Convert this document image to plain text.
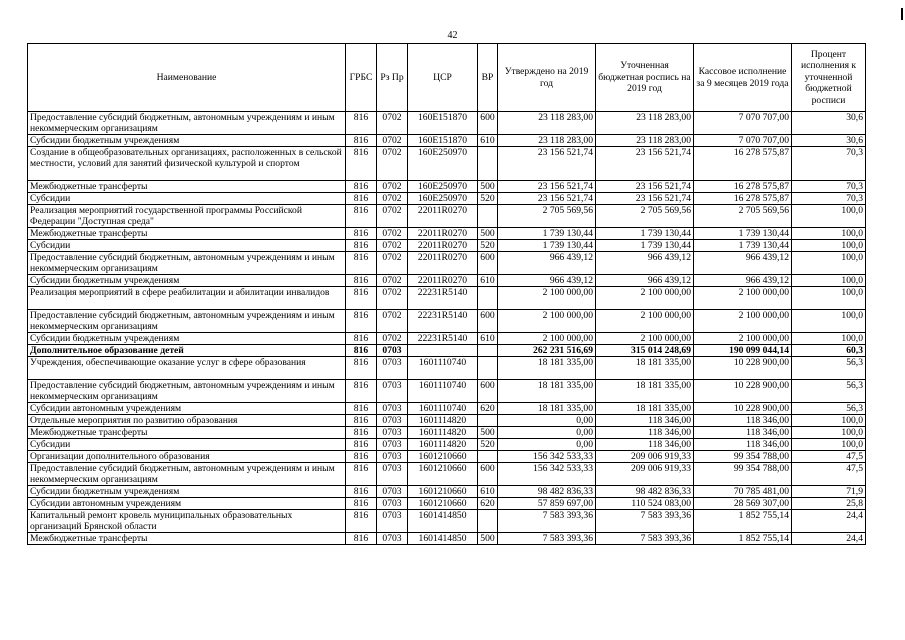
42
Наименование	ГРБС	Рз Пр	ЦСР	ВР	Утверждено на 2019 год	Уточненная бюджетная роспись на 2019 год	Кассовое исполнение за 9 месяцев 2019 года	Процент исполнения к уточненной бюджетной росписи
Предоставление субсидий бюджетным, автономным учреждениям и иным некоммерческим организациям	816	0702	160E151870	600	23 118 283,00	23 118 283,00	7 070 707,00	30,6
Субсидии бюджетным учреждениям	816	0702	160E151870	610	23 118 283,00	23 118 283,00	7 070 707,00	30,6
Создание в общеобразовательных организациях, расположенных в сельской местности, условий для занятий физической культурой и спортом	816	0702	160E250970		23 156 521,74	23 156 521,74	16 278 575,87	70,3
Межбюджетные трансферты	816	0702	160E250970	500	23 156 521,74	23 156 521,74	16 278 575,87	70,3
Субсидии	816	0702	160E250970	520	23 156 521,74	23 156 521,74	16 278 575,87	70,3
Реализация мероприятий государственной программы Российской Федерации "Доступная среда"	816	0702	22011R0270		2 705 569,56	2 705 569,56	2 705 569,56	100,0
Межбюджетные трансферты	816	0702	22011R0270	500	1 739 130,44	1 739 130,44	1 739 130,44	100,0
Субсидии	816	0702	22011R0270	520	1 739 130,44	1 739 130,44	1 739 130,44	100,0
Предоставление субсидий бюджетным, автономным учреждениям и иным некоммерческим организациям	816	0702	22011R0270	600	966 439,12	966 439,12	966 439,12	100,0
Субсидии бюджетным учреждениям	816	0702	22011R0270	610	966 439,12	966 439,12	966 439,12	100,0
Реализация мероприятий в сфере реабилитации и абилитации инвалидов	816	0702	22231R5140		2 100 000,00	2 100 000,00	2 100 000,00	100,0
Предоставление субсидий бюджетным, автономным учреждениям и иным некоммерческим организациям	816	0702	22231R5140	600	2 100 000,00	2 100 000,00	2 100 000,00	100,0
Субсидии бюджетным учреждениям	816	0702	22231R5140	610	2 100 000,00	2 100 000,00	2 100 000,00	100,0
Дополнительное образование детей	816	0703			262 231 516,69	315 014 248,69	190 099 044,14	60,3
Учреждения, обеспечивающие оказание услуг в сфере образования	816	0703	1601110740		18 181 335,00	18 181 335,00	10 228 900,00	56,3
Предоставление субсидий бюджетным, автономным учреждениям и иным некоммерческим организациям	816	0703	1601110740	600	18 181 335,00	18 181 335,00	10 228 900,00	56,3
Субсидии автономным учреждениям	816	0703	1601110740	620	18 181 335,00	18 181 335,00	10 228 900,00	56,3
Отдельные мероприятия по развитию образования	816	0703	1601114820		0,00	118 346,00	118 346,00	100,0
Межбюджетные трансферты	816	0703	1601114820	500	0,00	118 346,00	118 346,00	100,0
Субсидии	816	0703	1601114820	520	0,00	118 346,00	118 346,00	100,0
Организации дополнительного образования	816	0703	1601210660		156 342 533,33	209 006 919,33	99 354 788,00	47,5
Предоставление субсидий бюджетным, автономным учреждениям и иным некоммерческим организациям	816	0703	1601210660	600	156 342 533,33	209 006 919,33	99 354 788,00	47,5
Субсидии бюджетным учреждениям	816	0703	1601210660	610	98 482 836,33	98 482 836,33	70 785 481,00	71,9
Субсидии автономным учреждениям	816	0703	1601210660	620	57 859 697,00	110 524 083,00	28 569 307,00	25,8
Капитальный ремонт кровель муниципальных образовательных организаций Брянской области	816	0703	1601414850		7 583 393,36	7 583 393,36	1 852 755,14	24,4
Межбюджетные трансферты	816	0703	1601414850	500	7 583 393,36	7 583 393,36	1 852 755,14	24,4
